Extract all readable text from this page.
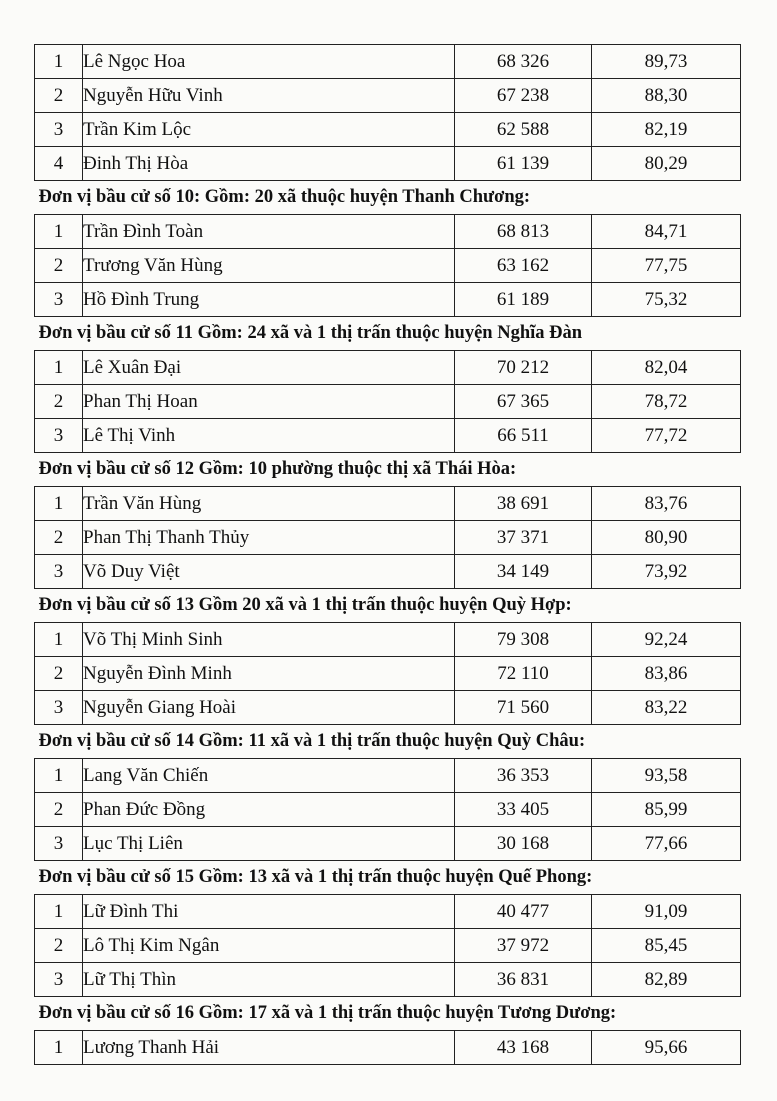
1	Lê Ngọc Hoa	68 326	89,73
2	Nguyễn Hữu Vinh	67 238	88,30
3	Trần Kim Lộc	62 588	82,19
4	Đinh Thị Hòa	61 139	80,29
Đơn vị bầu cử số 10: Gồm: 20 xã thuộc huyện Thanh Chương:			
1	Trần Đình Toàn	68 813	84,71
2	Trương Văn Hùng	63 162	77,75
3	Hồ Đình Trung	61 189	75,32
Đơn vị bầu cử số 11 Gồm: 24 xã và 1 thị trấn thuộc huyện Nghĩa Đàn			
1	Lê Xuân Đại	70 212	82,04
2	Phan Thị Hoan	67 365	78,72
3	Lê Thị Vinh	66 511	77,72
Đơn vị bầu cử số 12 Gồm: 10 phường thuộc thị xã Thái Hòa:			
1	Trần Văn Hùng	38 691	83,76
2	Phan Thị Thanh Thủy	37 371	80,90
3	Võ Duy Việt	34 149	73,92
Đơn vị bầu cử số 13 Gồm 20 xã và 1 thị trấn thuộc huyện Quỳ Hợp:			
1	Võ Thị Minh Sinh	79 308	92,24
2	Nguyễn Đình Minh	72 110	83,86
3	Nguyễn Giang Hoài	71 560	83,22
Đơn vị bầu cử số 14 Gồm: 11 xã và 1 thị trấn thuộc huyện Quỳ Châu:			
1	Lang Văn Chiến	36 353	93,58
2	Phan Đức Đồng	33 405	85,99
3	Lục Thị Liên	30 168	77,66
Đơn vị bầu cử số 15 Gồm: 13 xã và 1 thị trấn thuộc huyện Quế Phong:			
1	Lữ Đình Thi	40 477	91,09
2	Lô Thị Kim Ngân	37 972	85,45
3	Lữ Thị Thìn	36 831	82,89
Đơn vị bầu cử số 16 Gồm: 17 xã và 1 thị trấn thuộc huyện Tương Dương:			
1	Lương Thanh Hải	43 168	95,66
